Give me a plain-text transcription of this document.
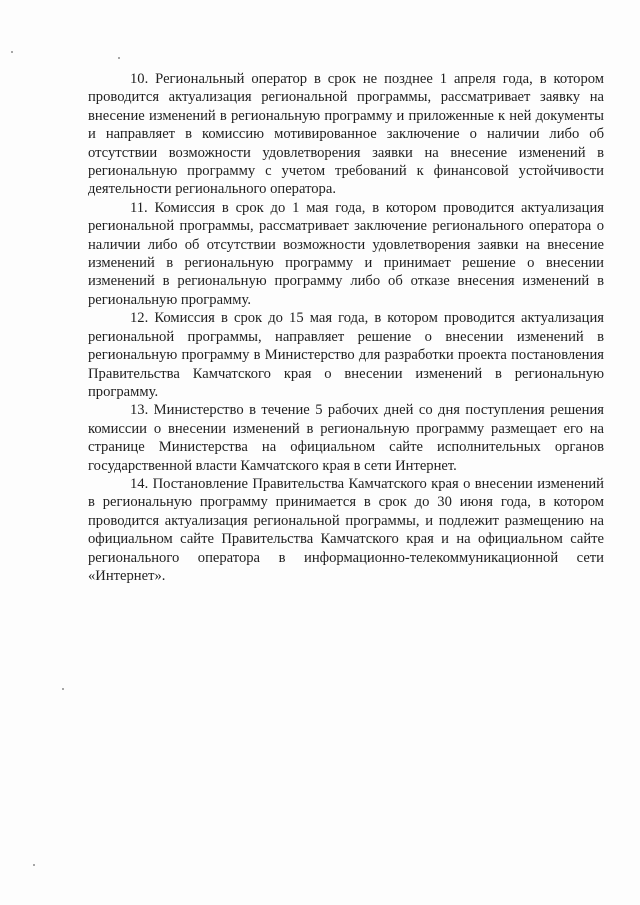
10. Региональный оператор в срок не позднее 1 апреля года, в котором проводится актуализация региональной программы, рассматривает заявку на внесение изменений в региональную программу и приложенные к ней документы и направляет в комиссию мотивированное заключение о наличии либо об отсутствии возможности удовлетворения заявки на внесение изменений в региональную программу с учетом требований к финансовой устойчивости деятельности регионального оператора.

11. Комиссия в срок до 1 мая года, в котором проводится актуализация региональной программы, рассматривает заключение регионального оператора о наличии либо об отсутствии возможности удовлетворения заявки на внесение изменений в региональную программу и принимает решение о внесении изменений в региональную программу либо об отказе внесения изменений в региональную программу.

12. Комиссия в срок до 15 мая года, в котором проводится актуализация региональной программы, направляет решение о внесении изменений в региональную программу в Министерство для разработки проекта постановления Правительства Камчатского края о внесении изменений в региональную программу.

13. Министерство в течение 5 рабочих дней со дня поступления решения комиссии о внесении изменений в региональную программу размещает его на странице Министерства на официальном сайте исполнительных органов государственной власти Камчатского края в сети Интернет.

14. Постановление Правительства Камчатского края о внесении изменений в региональную программу принимается в срок до 30 июня года, в котором проводится актуализация региональной программы, и подлежит размещению на официальном сайте Правительства Камчатского края и на официальном сайте регионального оператора в информационно-телекоммуникационной сети «Интернет».
